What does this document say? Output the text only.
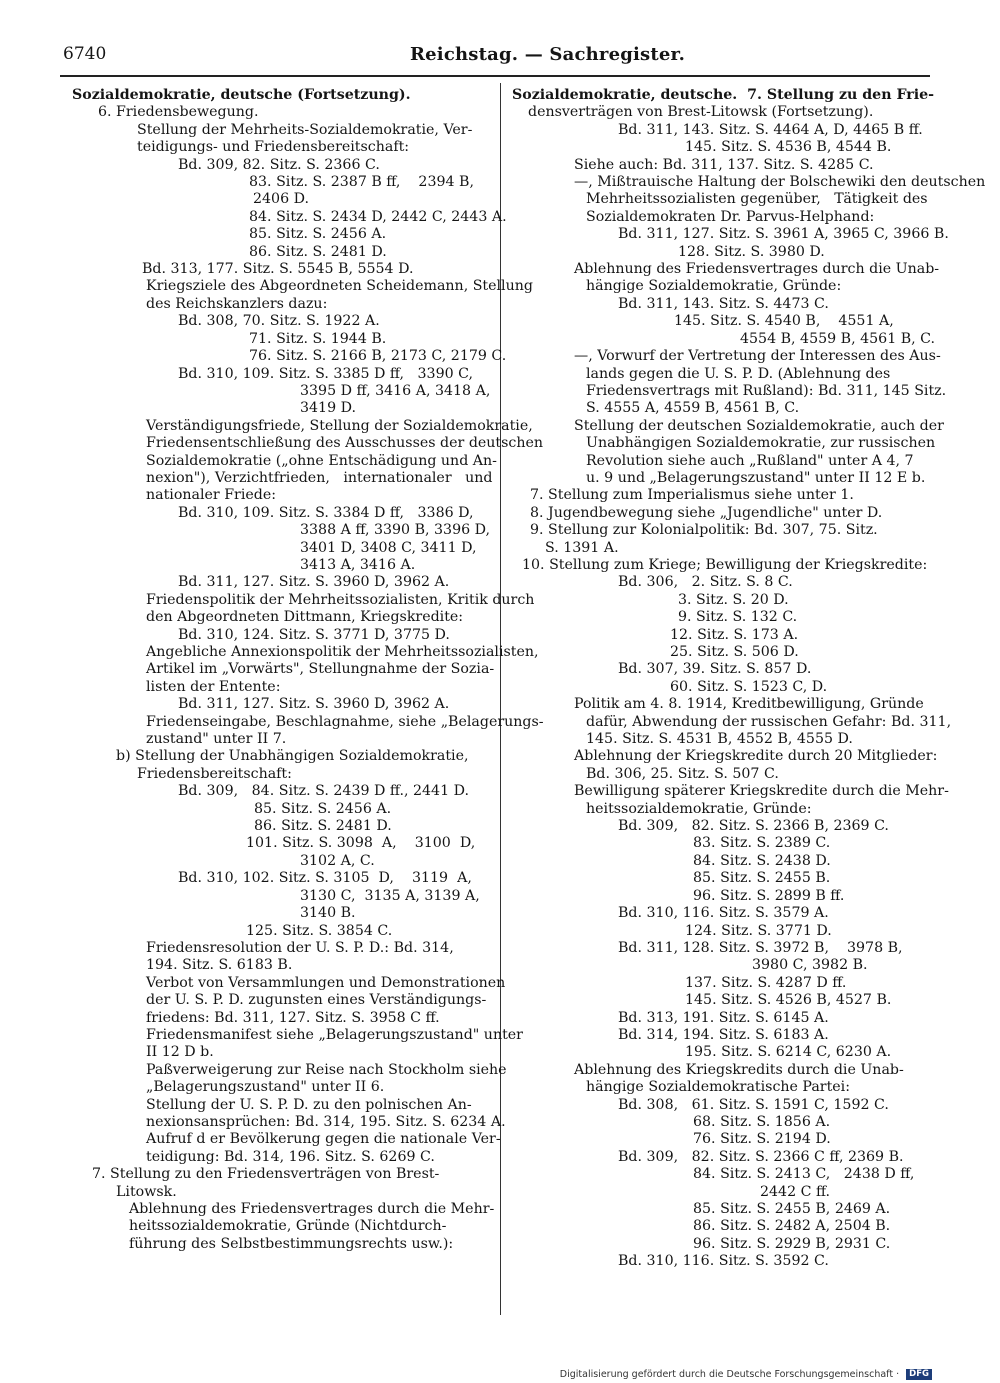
6740	Reichstag. — Sachregister.
Sozialdemokratie, deutsche (Fortsetzung).
6. Friedensbewegung.
Stellung der Mehrheits-Sozialdemokratie, Ver-
teidigungs- und Friedensbereitschaft:
Bd. 309, 82. Sitz. S. 2366 C.
83. Sitz. S. 2387 B ff,    2394 B,
2406 D.
84. Sitz. S. 2434 D, 2442 C, 2443 A.
85. Sitz. S. 2456 A.
86. Sitz. S. 2481 D.
Bd. 313, 177. Sitz. S. 5545 B, 5554 D.
Kriegsziele des Abgeordneten Scheidemann, Stellung
des Reichskanzlers dazu:
Bd. 308, 70. Sitz. S. 1922 A.
71. Sitz. S. 1944 B.
76. Sitz. S. 2166 B, 2173 C, 2179 C.
Bd. 310, 109. Sitz. S. 3385 D ff,   3390 C,
3395 D ff, 3416 A, 3418 A,
3419 D.
Verständigungsfriede, Stellung der Sozialdemokratie,
Friedensentschließung des Ausschusses der deutschen
Sozialdemokratie („ohne Entschädigung und An-
nexion"), Verzichtfrieden,   internationaler   und
nationaler Friede:
Bd. 310, 109. Sitz. S. 3384 D ff,   3386 D,
3388 A ff, 3390 B, 3396 D,
3401 D, 3408 C, 3411 D,
3413 A, 3416 A.
Bd. 311, 127. Sitz. S. 3960 D, 3962 A.
Friedenspolitik der Mehrheitssozialisten, Kritik durch
den Abgeordneten Dittmann, Kriegskredite:
Bd. 310, 124. Sitz. S. 3771 D, 3775 D.
Angebliche Annexionspolitik der Mehrheitssozialisten,
Artikel im „Vorwärts", Stellungnahme der Sozia-
listen der Entente:
Bd. 311, 127. Sitz. S. 3960 D, 3962 A.
Friedenseingabe, Beschlagnahme, siehe „Belagerungs-
zustand" unter II 7.
b) Stellung der Unabhängigen Sozialdemokratie,
Friedensbereitschaft:
Bd. 309,   84. Sitz. S. 2439 D ff., 2441 D.
85. Sitz. S. 2456 A.
86. Sitz. S. 2481 D.
101. Sitz. S. 3098  A,    3100  D,
3102 A, C.
Bd. 310, 102. Sitz. S. 3105  D,    3119  A,
3130 C,  3135 A, 3139 A,
3140 B.
125. Sitz. S. 3854 C.
Friedensresolution der U. S. P. D.: Bd. 314,
194. Sitz. S. 6183 B.
Verbot von Versammlungen und Demonstrationen
der U. S. P. D. zugunsten eines Verständigungs-
friedens: Bd. 311, 127. Sitz. S. 3958 C ff.
Friedensmanifest siehe „Belagerungszustand" unter
II 12 D b.
Paßverweigerung zur Reise nach Stockholm siehe
„Belagerungszustand" unter II 6.
Stellung der U. S. P. D. zu den polnischen An-
nexionsansprüchen: Bd. 314, 195. Sitz. S. 6234 A.
Aufruf d er Bevölkerung gegen die nationale Ver-
teidigung: Bd. 314, 196. Sitz. S. 6269 C.
7. Stellung zu den Friedensverträgen von Brest-
Litowsk.
Ablehnung des Friedensvertrages durch die Mehr-
heitssozialdemokratie, Gründe (Nichtdurch-
führung des Selbstbestimmungsrechts usw.):
Sozialdemokratie, deutsche.  7. Stellung zu den Frie-
densverträgen von Brest-Litowsk (Fortsetzung).
Bd. 311, 143. Sitz. S. 4464 A, D, 4465 B ff.
145. Sitz. S. 4536 B, 4544 B.
Siehe auch: Bd. 311, 137. Sitz. S. 4285 C.
—, Mißtrauische Haltung der Bolschewiki den deutschen
Mehrheitssozialisten gegenüber,   Tätigkeit des
Sozialdemokraten Dr. Parvus-Helphand:
Bd. 311, 127. Sitz. S. 3961 A, 3965 C, 3966 B.
128. Sitz. S. 3980 D.
Ablehnung des Friedensvertrages durch die Unab-
hängige Sozialdemokratie, Gründe:
Bd. 311, 143. Sitz. S. 4473 C.
145. Sitz. S. 4540 B,    4551 A,
4554 B, 4559 B, 4561 B, C.
—, Vorwurf der Vertretung der Interessen des Aus-
lands gegen die U. S. P. D. (Ablehnung des
Friedensvertrags mit Rußland): Bd. 311, 145 Sitz.
S. 4555 A, 4559 B, 4561 B, C.
Stellung der deutschen Sozialdemokratie, auch der
Unabhängigen Sozialdemokratie, zur russischen
Revolution siehe auch „Rußland" unter A 4, 7
u. 9 und „Belagerungszustand" unter II 12 E b.
7. Stellung zum Imperialismus siehe unter 1.
8. Jugendbewegung siehe „Jugendliche" unter D.
9. Stellung zur Kolonialpolitik: Bd. 307, 75. Sitz.
S. 1391 A.
10. Stellung zum Kriege; Bewilligung der Kriegskredite:
Bd. 306,   2. Sitz. S. 8 C.
3. Sitz. S. 20 D.
9. Sitz. S. 132 C.
12. Sitz. S. 173 A.
25. Sitz. S. 506 D.
Bd. 307, 39. Sitz. S. 857 D.
60. Sitz. S. 1523 C, D.
Politik am 4. 8. 1914, Kreditbewilligung, Gründe
dafür, Abwendung der russischen Gefahr: Bd. 311,
145. Sitz. S. 4531 B, 4552 B, 4555 D.
Ablehnung der Kriegskredite durch 20 Mitglieder:
Bd. 306, 25. Sitz. S. 507 C.
Bewilligung späterer Kriegskredite durch die Mehr-
heitssozialdemokratie, Gründe:
Bd. 309,   82. Sitz. S. 2366 B, 2369 C.
83. Sitz. S. 2389 C.
84. Sitz. S. 2438 D.
85. Sitz. S. 2455 B.
96. Sitz. S. 2899 B ff.
Bd. 310, 116. Sitz. S. 3579 A.
124. Sitz. S. 3771 D.
Bd. 311, 128. Sitz. S. 3972 B,    3978 B,
3980 C, 3982 B.
137. Sitz. S. 4287 D ff.
145. Sitz. S. 4526 B, 4527 B.
Bd. 313, 191. Sitz. S. 6145 A.
Bd. 314, 194. Sitz. S. 6183 A.
195. Sitz. S. 6214 C, 6230 A.
Ablehnung des Kriegskredits durch die Unab-
hängige Sozialdemokratische Partei:
Bd. 308,   61. Sitz. S. 1591 C, 1592 C.
68. Sitz. S. 1856 A.
76. Sitz. S. 2194 D.
Bd. 309,   82. Sitz. S. 2366 C ff, 2369 B.
84. Sitz. S. 2413 C,   2438 D ff,
2442 C ff.
85. Sitz. S. 2455 B, 2469 A.
86. Sitz. S. 2482 A, 2504 B.
96. Sitz. S. 2929 B, 2931 C.
Bd. 310, 116. Sitz. S. 3592 C.
Digitalisierung gefördert durch die Deutsche Forschungsgemeinschaft · DFG
